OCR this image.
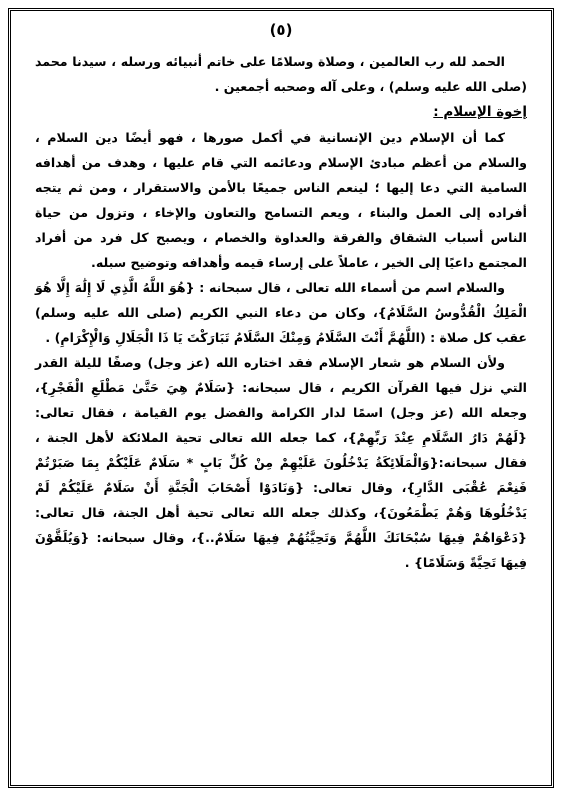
(٥)

الحمد لله رب العالمين ، وصلاة وسلامًا على خاتم أنبيائه ورسله ، سيدنا محمد (صلى الله عليه وسلم) ، وعلى آله وصحبه أجمعين .

إخوة الإسلام :

كما أن الإسلام دين الإنسانية في أكمل صورها ، فهو أيضًا دين السلام ، والسلام من أعظم مبادئ الإسلام ودعائمه التي قام عليها ، وهدف من أهدافه السامية التي دعا إليها ؛ لينعم الناس جميعًا بالأمن والاستقرار ، ومن ثم يتجه أفراده إلى العمل والبناء ، ويعم التسامح والتعاون والإخاء ، وتزول من حياة الناس أسباب الشقاق والفرقة والعداوة والخصام ، ويصبح كل فرد من أفراد المجتمع داعيًا إلى الخير ، عاملاً على إرساء قيمه وأهدافه وتوضيح سبله.

والسلام اسم من أسماء الله تعالى ، قال سبحانه : {هُوَ اللَّهُ الَّذِي لَا إِلَٰهَ إِلَّا هُوَ الْمَلِكُ الْقُدُّوسُ السَّلَامُ}، وكان من دعاء النبي الكريم (صلى الله عليه وسلم) عقب كل صلاة : (اللَّهُمَّ أَنْتَ السَّلَامُ وَمِنْكَ السَّلَامُ تَبَارَكْتَ يَا ذَا الْجَلَالِ وَالْإِكْرَامِ) .

ولأن السلام هو شعار الإسلام فقد اختاره الله (عز وجل) وصفًا لليلة القدر التي نزل فيها القرآن الكريم ، قال سبحانه: {سَلَامٌ هِيَ حَتَّىٰ مَطْلَعِ الْفَجْرِ}، وجعله الله (عز وجل) اسمًا لدار الكرامة والفضل يوم القيامة ، فقال تعالى: {لَهُمْ دَارُ السَّلَامِ عِنْدَ رَبِّهِمْ}، كما جعله الله تعالى تحية الملائكة لأهل الجنة ، فقال سبحانه:{وَالْمَلَائِكَةُ يَدْخُلُونَ عَلَيْهِمْ مِنْ كُلِّ بَابٍ * سَلَامٌ عَلَيْكُمْ بِمَا صَبَرْتُمْ فَنِعْمَ عُقْبَى الدَّارِ}، وقال تعالى: {وَنَادَوْا أَصْحَابَ الْجَنَّةِ أَنْ سَلَامٌ عَلَيْكُمْ لَمْ يَدْخُلُوهَا وَهُمْ يَطْمَعُونَ}، وكذلك جعله الله تعالى تحية أهل الجنة، قال تعالى: {دَعْوَاهُمْ فِيهَا سُبْحَانَكَ اللَّهُمَّ وَتَحِيَّتُهُمْ فِيهَا سَلَامٌ..}، وقال سبحانه: {وَيُلَقَّوْنَ فِيهَا تَحِيَّةً وَسَلَامًا} .
